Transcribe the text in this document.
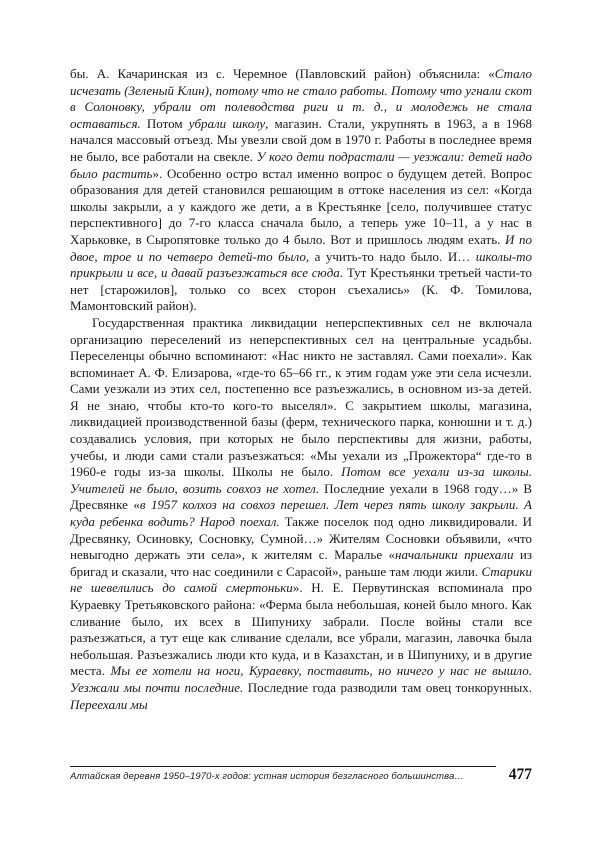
бы. А. Качаринская из с. Черемное (Павловский район) объяснила: «Стало исчезать (Зеленый Клин), потому что не стало работы. Потому что угнали скот в Солоновку, убрали от полеводства риги и т. д., и молодежь не стала оставаться. Потом убрали школу, магазин. Стали, укрупнять в 1963, а в 1968 начался массовый отъезд. Мы увезли свой дом в 1970 г. Работы в последнее время не было, все работали на свекле. У кого дети подрастали — уезжали: детей надо было растить». Особенно остро встал именно вопрос о будущем детей. Вопрос образования для детей становился решающим в оттоке населения из сел: «Когда школы закрыли, а у каждого же дети, а в Крестьянке [село, получившее статус перспективного] до 7-го класса сначала было, а теперь уже 10–11, а у нас в Харьковке, в Сыропятовке только до 4 было. Вот и пришлось людям ехать. И по двое, трое и по четверо детей-то было, а учить-то надо было. И… школы-то прикрыли и все, и давай разъезжаться все сюда. Тут Крестьянки третьей части-то нет [старожилов], только со всех сторон съехались» (К. Ф. Томилова, Мамонтовский район).

Государственная практика ликвидации неперспективных сел не включала организацию переселений из неперспективных сел на центральные усадьбы. Переселенцы обычно вспоминают: «Нас никто не заставлял. Сами поехали». Как вспоминает А. Ф. Елизарова, «где-то 65–66 гг., к этим годам уже эти села исчезли. Сами уезжали из этих сел, постепенно все разъезжались, в основном из-за детей. Я не знаю, чтобы кто-то кого-то выселял». С закрытием школы, магазина, ликвидацией производственной базы (ферм, технического парка, конюшни и т. д.) создавались условия, при которых не было перспективы для жизни, работы, учебы, и люди сами стали разъезжаться: «Мы уехали из „Прожектора“ где-то в 1960-е годы из-за школы. Школы не было. Потом все уехали из-за школы. Учителей не было, возить совхоз не хотел. Последние уехали в 1968 году…» В Дресвянке «в 1957 колхоз на совхоз перешел. Лет через пять школу закрыли. А куда ребенка водить? Народ поехал. Также поселок под одно ликвидировали. И Дресвянку, Осиновку, Сосновку, Сумной…» Жителям Сосновки объявили, «что невыгодно держать эти села», к жителям с. Маралье «начальники приехали из бригад и сказали, что нас соединили с Сарасой», раньше там люди жили. Старики не шевелились до самой смертоньки». Н. Е. Первутинская вспоминала про Кураевку Третьяковского района: «Ферма была небольшая, коней было много. Как сливание было, их всех в Шипуниху забрали. После войны стали все разъезжаться, а тут еще как сливание сделали, все убрали, магазин, лавочка была небольшая. Разъезжались люди кто куда, и в Казахстан, и в Шипуниху, и в другие места. Мы ее хотели на ноги, Кураевку, поставить, но ничего у нас не вышло. Уезжали мы почти последние. Последние года разводили там овец тонкорунных. Переехали мы

Алтайская деревня 1950–1970-х годов: устная история безгласного большинства…	477
